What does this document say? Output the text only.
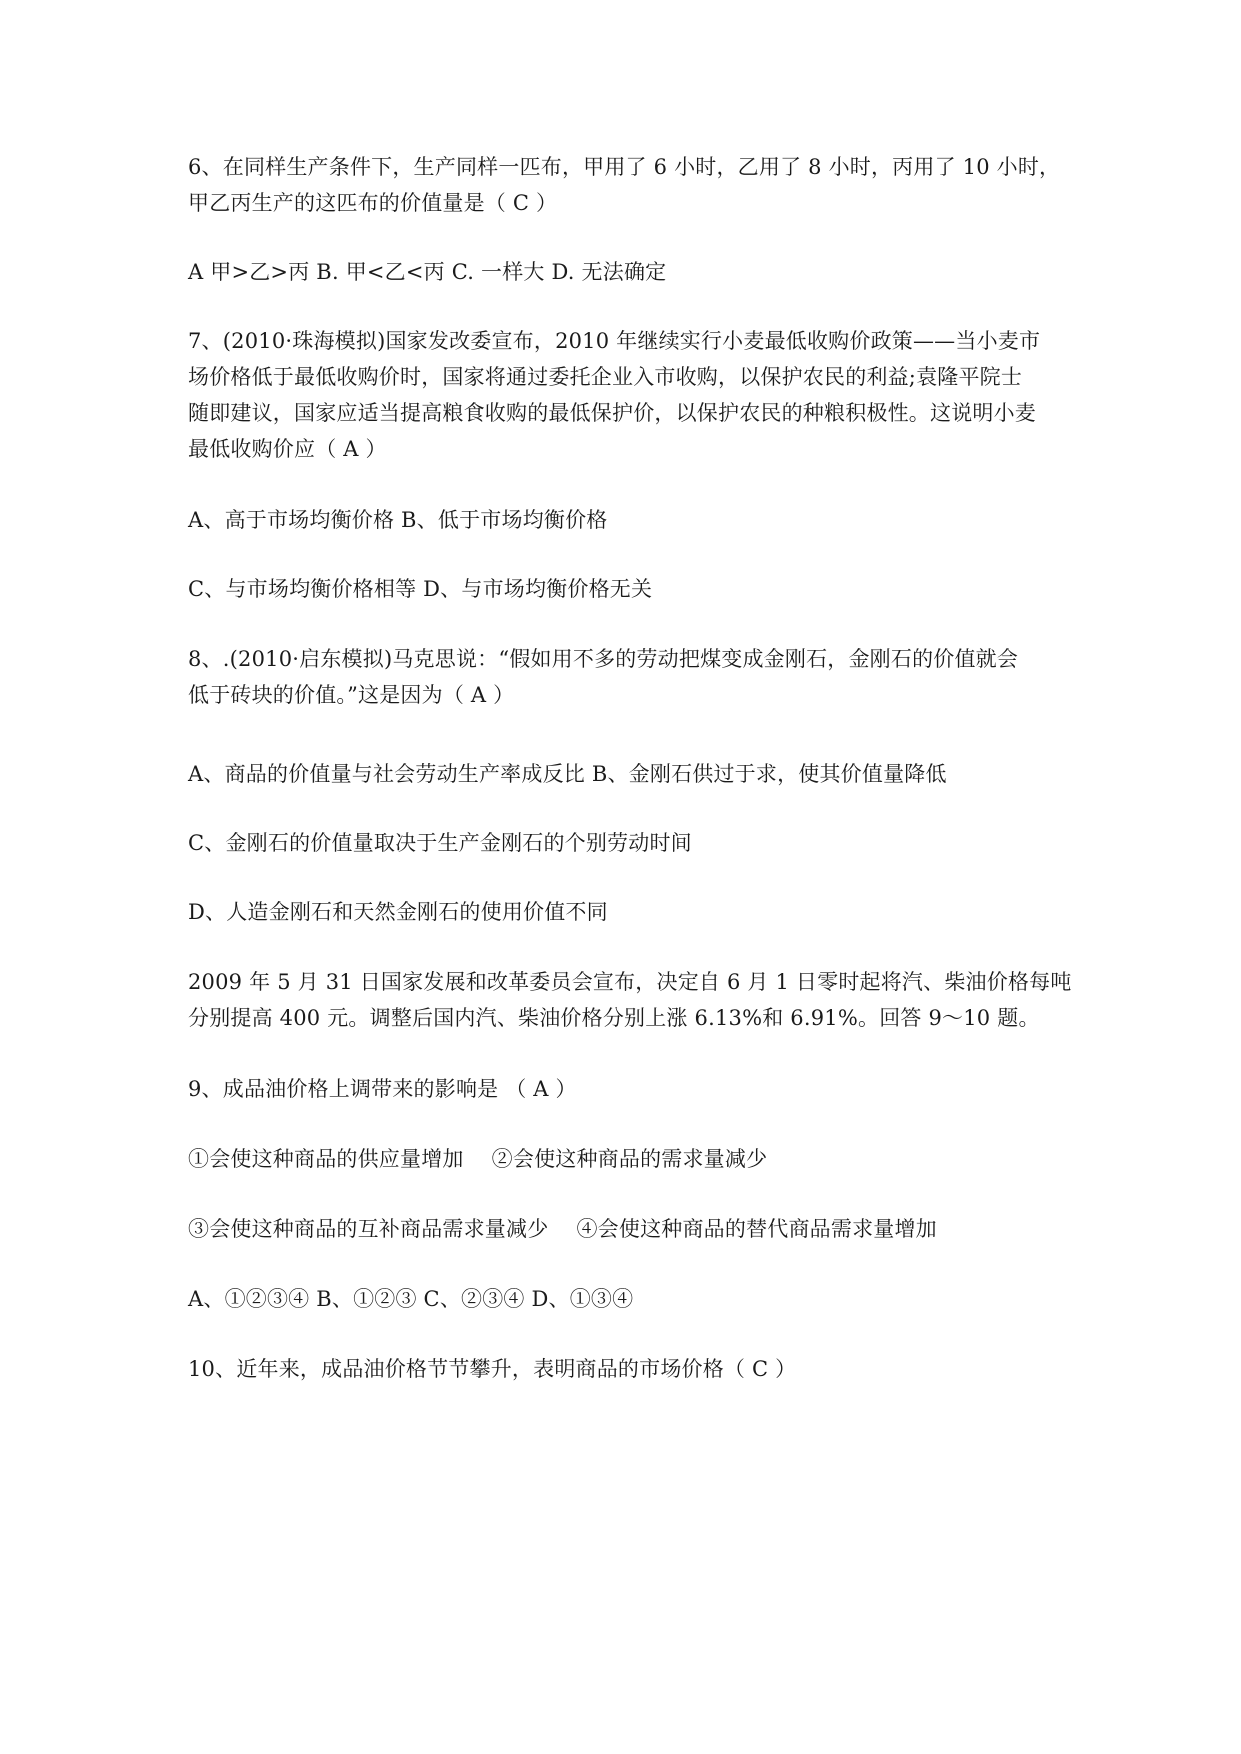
6、在同样生产条件下，生产同样一匹布，甲用了 6 小时，乙用了 8 小时，丙用了 10 小时，
甲乙丙生产的这匹布的价值量是（ C ）
A 甲>乙>丙 B. 甲<乙<丙 C. 一样大 D. 无法确定
7、(2010·珠海模拟)国家发改委宣布，2010 年继续实行小麦最低收购价政策——当小麦市
场价格低于最低收购价时，国家将通过委托企业入市收购，以保护农民的利益;袁隆平院士
随即建议，国家应适当提高粮食收购的最低保护价，以保护农民的种粮积极性。这说明小麦
最低收购价应（ A ）
A、高于市场均衡价格 B、低于市场均衡价格
C、与市场均衡价格相等 D、与市场均衡价格无关
8、.(2010·启东模拟)马克思说：“假如用不多的劳动把煤变成金刚石，金刚石的价值就会
低于砖块的价值。”这是因为（ A ）
A、商品的价值量与社会劳动生产率成反比 B、金刚石供过于求，使其价值量降低
C、金刚石的价值量取决于生产金刚石的个别劳动时间
D、人造金刚石和天然金刚石的使用价值不同
2009 年 5 月 31 日国家发展和改革委员会宣布，决定自 6 月 1 日零时起将汽、柴油价格每吨
分别提高 400 元。调整后国内汽、柴油价格分别上涨 6.13%和 6.91%。回答 9～10 题。
9、成品油价格上调带来的影响是 （ A ）
①会使这种商品的供应量增加　 ②会使这种商品的需求量减少
③会使这种商品的互补商品需求量减少　 ④会使这种商品的替代商品需求量增加
A、①②③④ B、①②③ C、②③④ D、①③④
10、近年来，成品油价格节节攀升，表明商品的市场价格（ C ）
